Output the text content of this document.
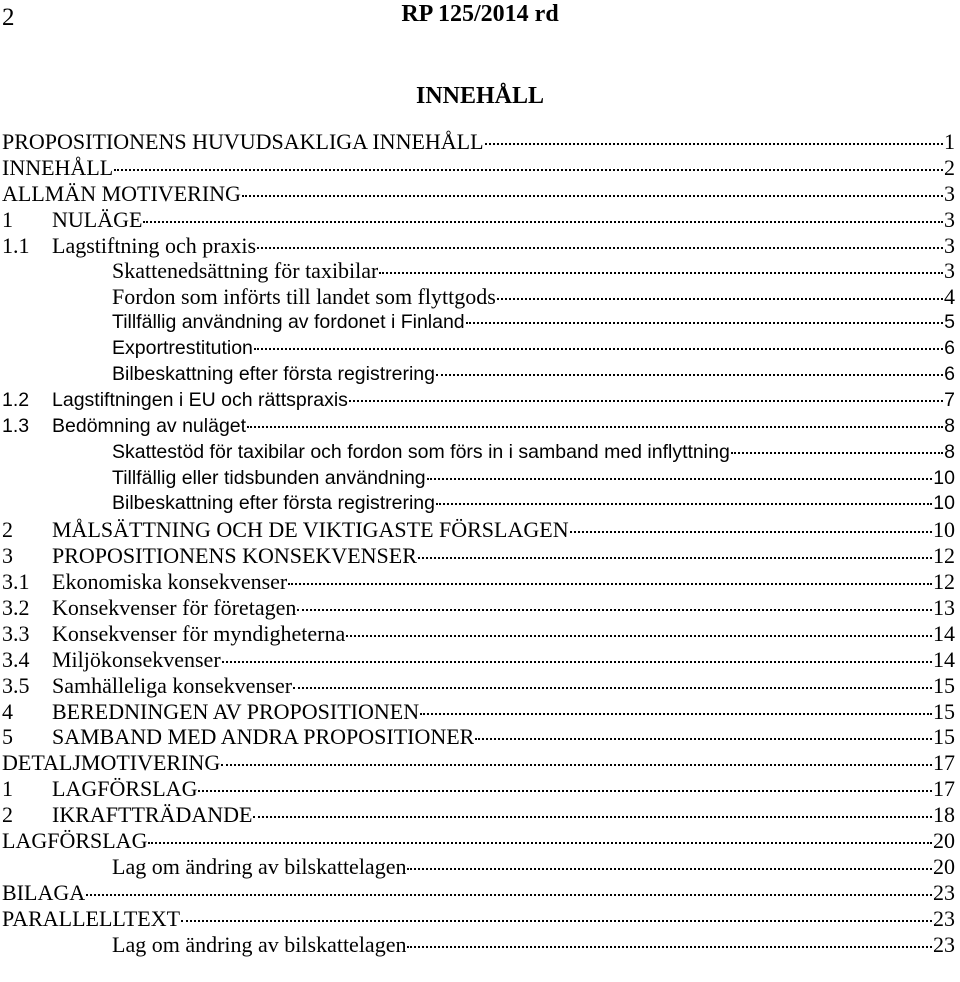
2	RP 125/2014 rd
INNEHÅLL
PROPOSITIONENS HUVUDSAKLIGA INNEHÅLL	1
INNEHÅLL	2
ALLMÄN MOTIVERING	3
1	NULÄGE	3
1.1	Lagstiftning och praxis	3
Skattenedsättning för taxibilar	3
Fordon som införts till landet som flyttgods	4
Tillfällig användning av fordonet i Finland	5
Exportrestitution	6
Bilbeskattning efter första registrering	6
1.2	Lagstiftningen i EU och rättspraxis	7
1.3	Bedömning av nuläget	8
Skattestöd för taxibilar och fordon som förs in i samband med inflyttning	8
Tillfällig eller tidsbunden användning	10
Bilbeskattning efter första registrering	10
2	MÅLSÄTTNING OCH DE VIKTIGASTE FÖRSLAGEN	10
3	PROPOSITIONENS KONSEKVENSER	12
3.1	Ekonomiska konsekvenser	12
3.2	Konsekvenser för företagen	13
3.3	Konsekvenser för myndigheterna	14
3.4	Miljökonsekvenser	14
3.5	Samhälleliga konsekvenser	15
4	BEREDNINGEN AV PROPOSITIONEN	15
5	SAMBAND MED ANDRA PROPOSITIONER	15
DETALJMOTIVERING	17
1	LAGFÖRSLAG	17
2	IKRAFTTRÄDANDE	18
LAGFÖRSLAG	20
Lag om ändring av bilskattelagen	20
BILAGA	23
PARALLELLTEXT	23
Lag om ändring av bilskattelagen	23
